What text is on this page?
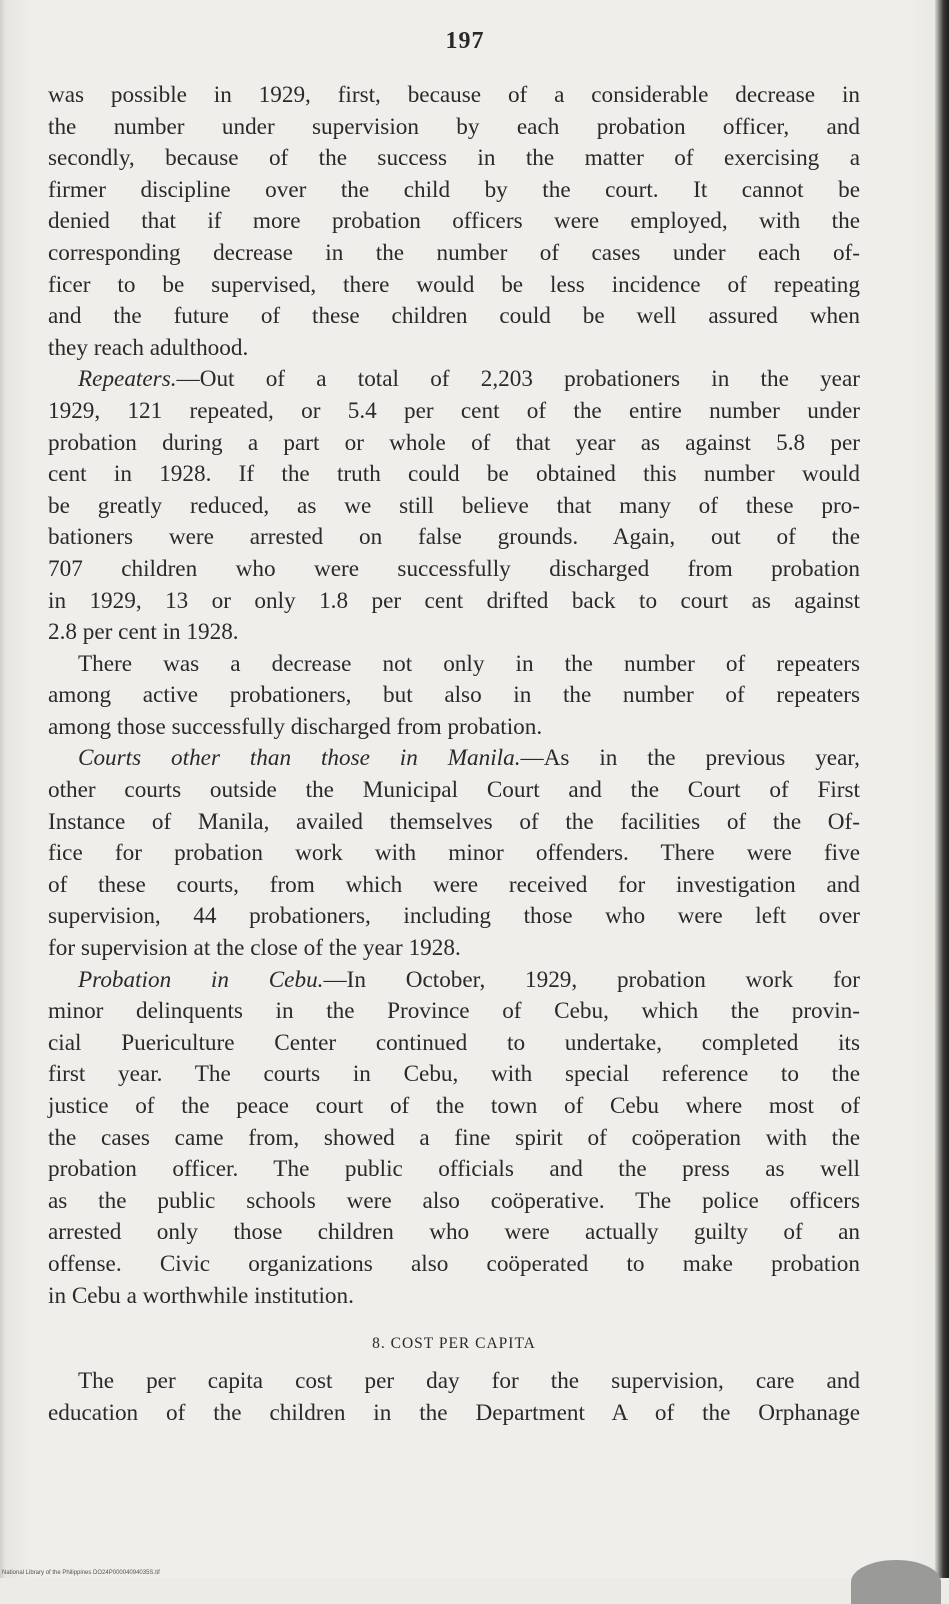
197
was possible in 1929, first, because of a considerable decrease in
the number under supervision by each probation officer, and
secondly, because of the success in the matter of exercising a
firmer discipline over the child by the court. It cannot be
denied that if more probation officers were employed, with the
corresponding decrease in the number of cases under each of-
ficer to be supervised, there would be less incidence of repeating
and the future of these children could be well assured when
they reach adulthood.
Repeaters.—Out of a total of 2,203 probationers in the year
1929, 121 repeated, or 5.4 per cent of the entire number under
probation during a part or whole of that year as against 5.8 per
cent in 1928. If the truth could be obtained this number would
be greatly reduced, as we still believe that many of these pro-
bationers were arrested on false grounds. Again, out of the
707 children who were successfully discharged from probation
in 1929, 13 or only 1.8 per cent drifted back to court as against
2.8 per cent in 1928.
There was a decrease not only in the number of repeaters
among active probationers, but also in the number of repeaters
among those successfully discharged from probation.
Courts other than those in Manila.—As in the previous year,
other courts outside the Municipal Court and the Court of First
Instance of Manila, availed themselves of the facilities of the Of-
fice for probation work with minor offenders. There were five
of these courts, from which were received for investigation and
supervision, 44 probationers, including those who were left over
for supervision at the close of the year 1928.
Probation in Cebu.—In October, 1929, probation work for
minor delinquents in the Province of Cebu, which the provin-
cial Puericulture Center continued to undertake, completed its
first year. The courts in Cebu, with special reference to the
justice of the peace court of the town of Cebu where most of
the cases came from, showed a fine spirit of coöperation with the
probation officer. The public officials and the press as well
as the public schools were also coöperative. The police officers
arrested only those children who were actually guilty of an
offense. Civic organizations also coöperated to make probation
in Cebu a worthwhile institution.
8. COST PER CAPITA
The per capita cost per day for the supervision, care and
education of the children in the Department A of the Orphanage
National Library of the Philippines DO24P00004094035S.tif
